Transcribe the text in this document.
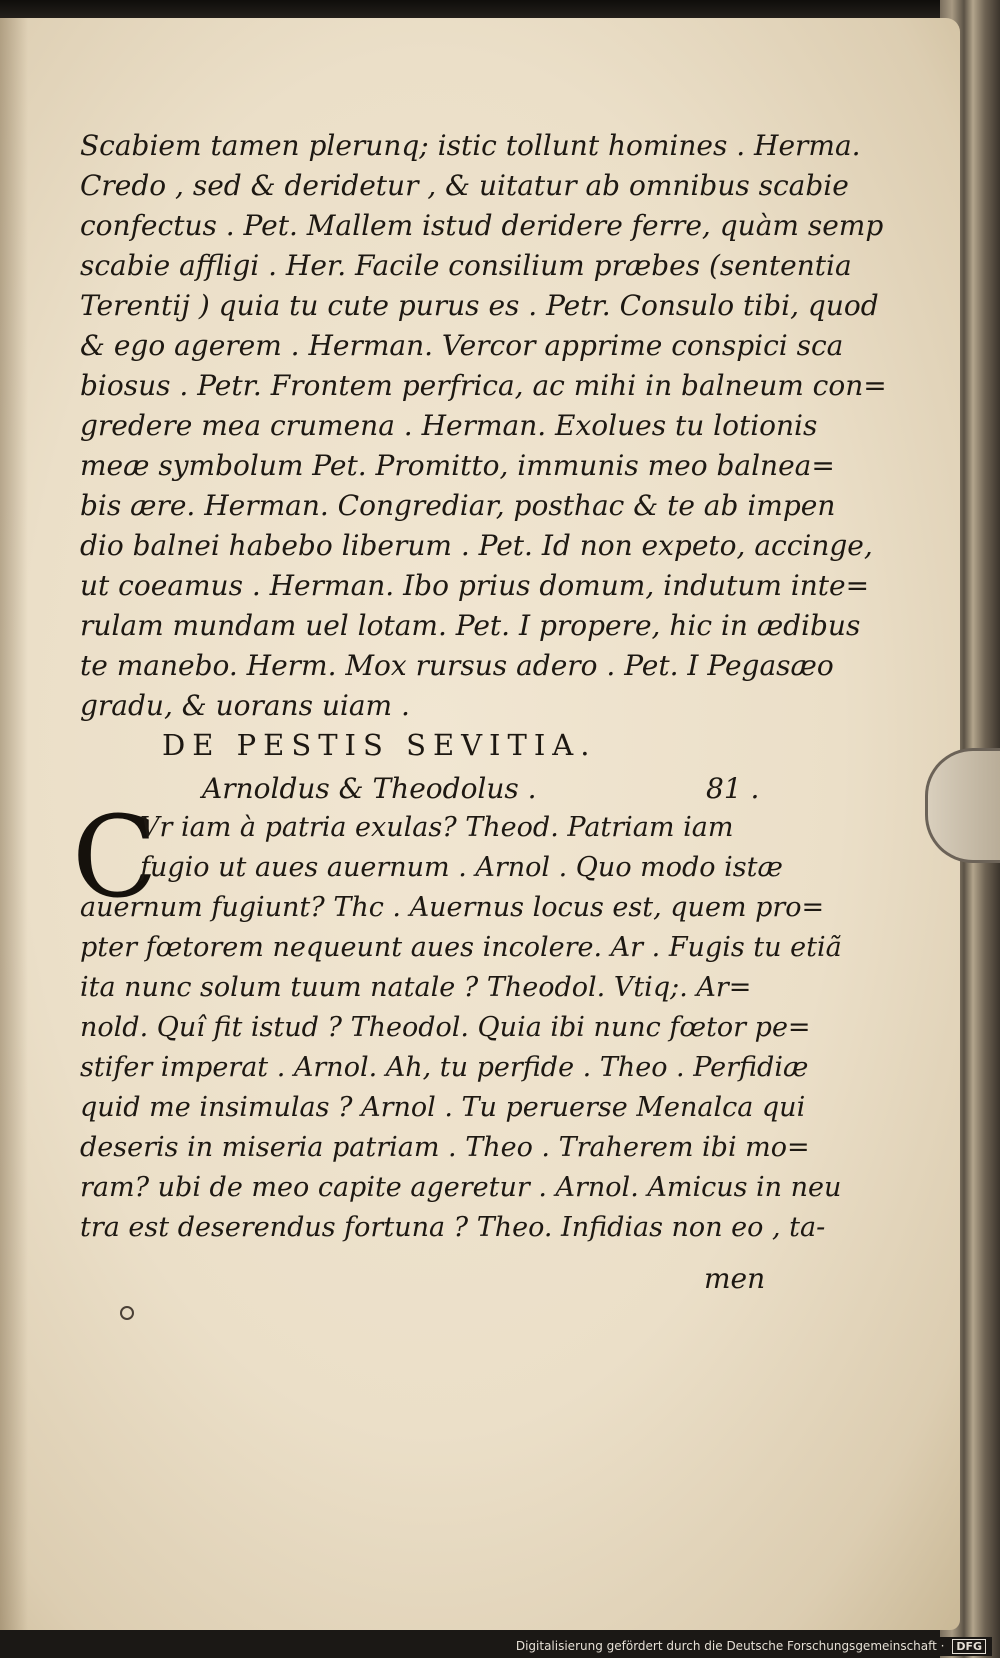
Scabiem tamen plerunq; istic tollunt homines . Herma.
Credo , sed & deridetur , & uitatur ab omnibus scabie
confectus . Pet. Mallem istud deridere ferre, quàm semp
scabie affligi . Her. Facile consilium præbes (sententia
Terentij ) quia tu cute purus es . Petr. Consulo tibi, quod
& ego agerem . Herman. Vercor apprime conspici sca
biosus . Petr. Frontem perfrica, ac mihi in balneum con=
gredere mea crumena . Herman. Exolues tu lotionis
meæ symbolum Pet. Promitto, immunis meo balnea=
bis ære. Herman. Congrediar, posthac & te ab impen
dio balnei habebo liberum . Pet. Id non expeto, accinge,
ut coeamus . Herman. Ibo prius domum, indutum inte=
rulam mundam uel lotam. Pet. I propere, hic in ædibus
te manebo. Herm. Mox rursus adero . Pet. I Pegasæo
gradu, & uorans uiam .
DE PESTIS SEVITIA.
Arnoldus & Theodolus .	81 .
C
Vr iam à patria exulas? Theod. Patriam iam
fugio ut aues auernum . Arnol . Quo modo istæ
auernum fugiunt? Thc . Auernus locus est, quem pro=
pter fœtorem nequeunt aues incolere. Ar . Fugis tu etiã
ita nunc solum tuum natale ? Theodol. Vtiq;. Ar=
nold. Quî fit istud ? Theodol. Quia ibi nunc fœtor pe=
stifer imperat . Arnol. Ah, tu perfide . Theo . Perfidiæ
quid me insimulas ? Arnol . Tu peruerse Menalca qui
deseris in miseria patriam . Theo . Traherem ibi mo=
ram? ubi de meo capite ageretur . Arnol. Amicus in neu
tra est deserendus fortuna ? Theo. Infidias non eo , ta-
men
Digitalisierung gefördert durch die Deutsche Forschungsgemeinschaft · DFG
